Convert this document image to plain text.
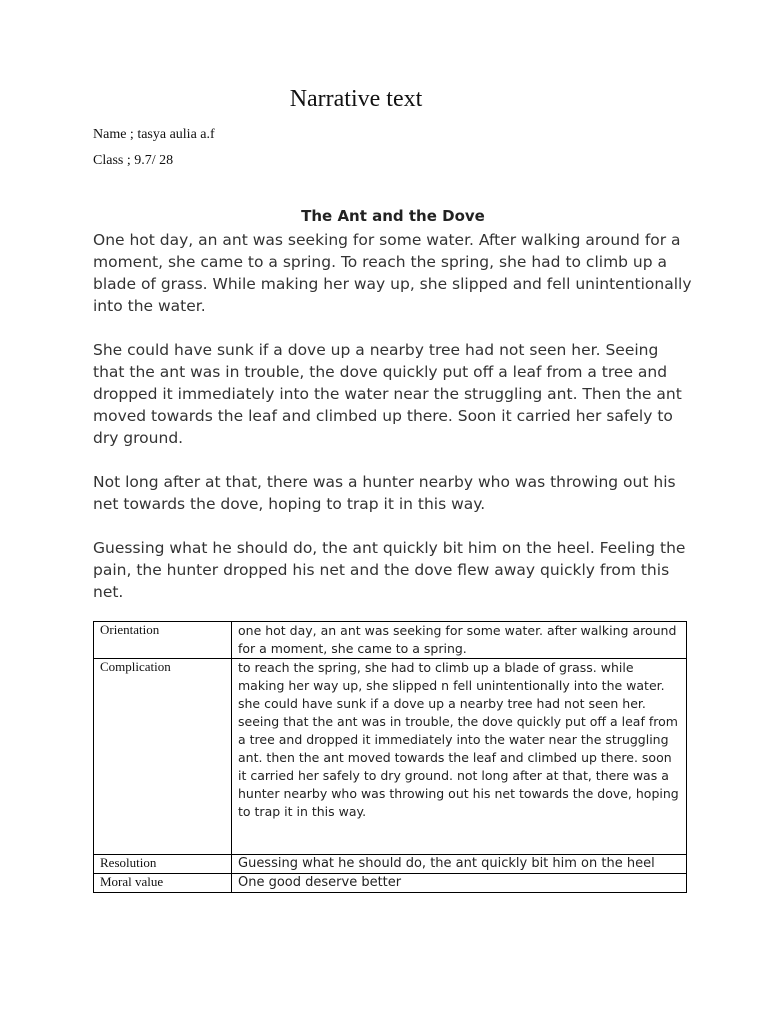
Narrative text
Name ; tasya aulia a.f
Class ; 9.7/ 28
The Ant and the Dove

One hot day, an ant was seeking for some water. After walking around for a moment, she came to a spring. To reach the spring, she had to climb up a blade of grass. While making her way up, she slipped and fell unintentionally into the water.

She could have sunk if a dove up a nearby tree had not seen her. Seeing that the ant was in trouble, the dove quickly put off a leaf from a tree and dropped it immediately into the water near the struggling ant. Then the ant moved towards the leaf and climbed up there. Soon it carried her safely to dry ground.

Not long after at that, there was a hunter nearby who was throwing out his net towards the dove, hoping to trap it in this way.

Guessing what he should do, the ant quickly bit him on the heel. Feeling the pain, the hunter dropped his net and the dove flew away quickly from this net.

Orientation	one hot day, an ant was seeking for some water. after walking around for a moment, she came to a spring.
Complication	to reach the spring, she had to climb up a blade of grass. while making her way up, she slipped n fell unintentionally into the water. she could have sunk if a dove up a nearby tree had not seen her. seeing that the ant was in trouble, the dove quickly put off a leaf from a tree and dropped it immediately into the water near the struggling ant. then the ant moved towards the leaf and climbed up there. soon it carried her safely to dry ground. not long after at that, there was a hunter nearby who was throwing out his net towards the dove, hoping to trap it in this way.
Resolution	Guessing what he should do, the ant quickly bit him on the heel
Moral value	One good deserve better
